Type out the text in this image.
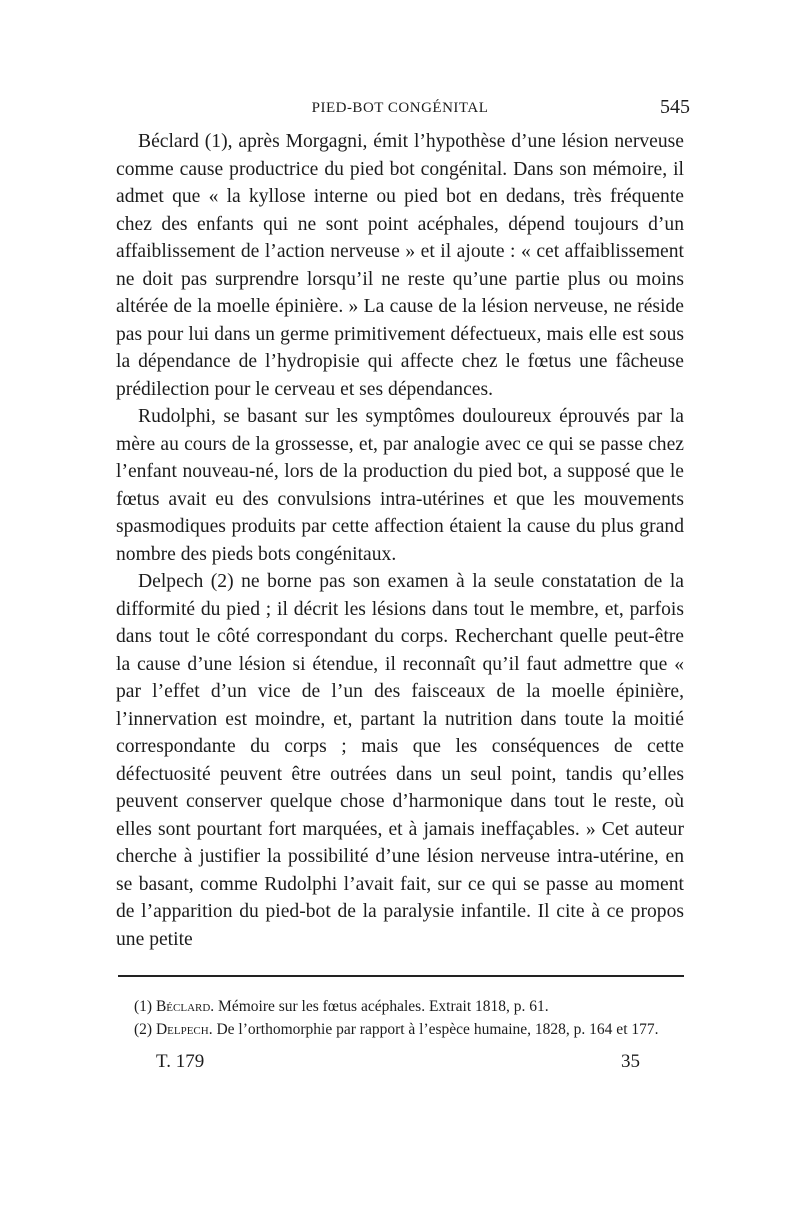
PIED-BOT CONGÉNITAL	545

Béclard (1), après Morgagni, émit l’hypothèse d’une lésion nerveuse comme cause productrice du pied bot congénital. Dans son mémoire, il admet que « la kyllose interne ou pied bot en dedans, très fréquente chez des enfants qui ne sont point acéphales, dépend toujours d’un affaiblissement de l’action nerveuse » et il ajoute : « cet affaiblissement ne doit pas surprendre lorsqu’il ne reste qu’une partie plus ou moins altérée de la moelle épinière. » La cause de la lésion nerveuse, ne réside pas pour lui dans un germe primitivement défectueux, mais elle est sous la dépendance de l’hydropisie qui affecte chez le fœtus une fâcheuse prédilection pour le cerveau et ses dépendances.

Rudolphi, se basant sur les symptômes douloureux éprouvés par la mère au cours de la grossesse, et, par analogie avec ce qui se passe chez l’enfant nouveau-né, lors de la production du pied bot, a supposé que le fœtus avait eu des convulsions intra-utérines et que les mouvements spasmodiques produits par cette affection étaient la cause du plus grand nombre des pieds bots congénitaux.

Delpech (2) ne borne pas son examen à la seule constatation de la difformité du pied ; il décrit les lésions dans tout le membre, et, parfois dans tout le côté correspondant du corps. Recherchant quelle peut-être la cause d’une lésion si étendue, il reconnaît qu’il faut admettre que « par l’effet d’un vice de l’un des faisceaux de la moelle épinière, l’innervation est moindre, et, partant la nutrition dans toute la moitié correspondante du corps ; mais que les conséquences de cette défectuosité peuvent être outrées dans un seul point, tandis qu’elles peuvent conserver quelque chose d’harmonique dans tout le reste, où elles sont pourtant fort marquées, et à jamais ineffaçables. » Cet auteur cherche à justifier la possibilité d’une lésion nerveuse intra-utérine, en se basant, comme Rudolphi l’avait fait, sur ce qui se passe au moment de l’apparition du pied-bot de la paralysie infantile. Il cite à ce propos une petite

(1) Béclard. Mémoire sur les fœtus acéphales. Extrait 1818, p. 61.

(2) Delpech. De l’orthomorphie par rapport à l’espèce humaine, 1828, p. 164 et 177.

T. 179	35
